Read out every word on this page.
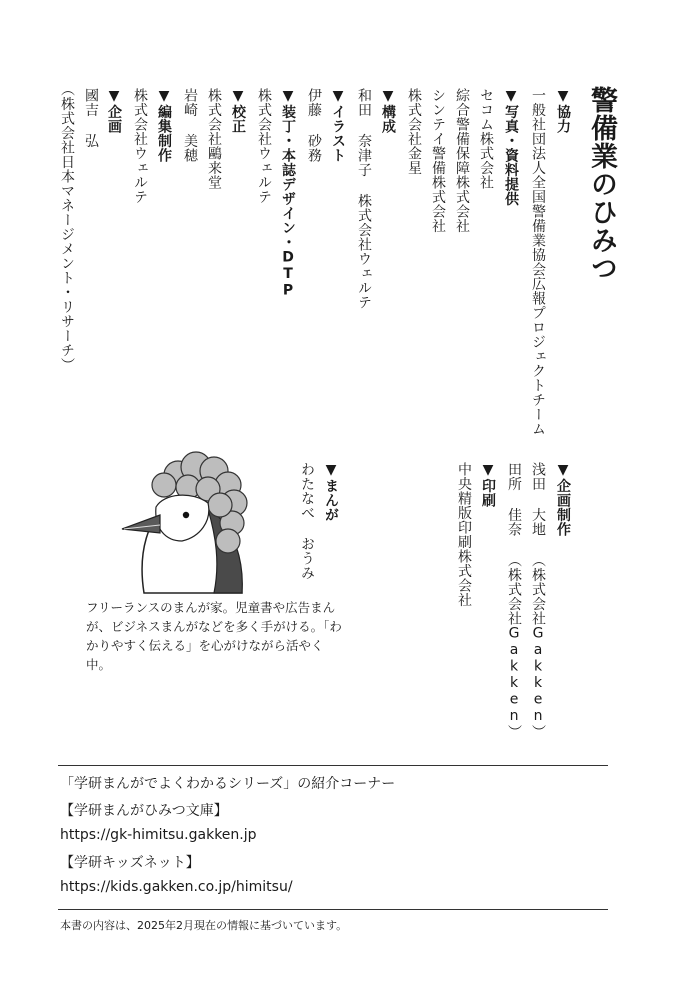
警備業のひみつ
▼協力
一般社団法人全国警備業協会広報プロジェクトチーム
▼写真・資料提供
セコム株式会社
綜合警備保障株式会社
シンテイ警備株式会社
株式会社金星
▼構成
和田 奈津子 株式会社ウェルテ
▼イラスト
伊藤 砂務
▼装丁・本誌デザイン・DTP
株式会社ウェルテ
▼校正
株式会社鷗来堂
岩崎 美穂
▼編集制作
株式会社ウェルテ
▼企画
國吉 弘
（株式会社日本マネージメント・リサーチ）
▼企画制作
浅田 大地 （株式会社Gakken）
田所 佳奈 （株式会社Gakken）
▼印刷
中央精版印刷株式会社
▼まんが
わたなべ おうみ
フリーランスのまんが家。児童書や広告まんが、ビジネスまんがなどを多く手がける。「わかりやすく伝える」を心がけながら活やく中。
「学研まんがでよくわかるシリーズ」の紹介コーナー
【学研まんがひみつ文庫】
https://gk-himitsu.gakken.jp
【学研キッズネット】
https://kids.gakken.co.jp/himitsu/
本書の内容は、2025年2月現在の情報に基づいています。
